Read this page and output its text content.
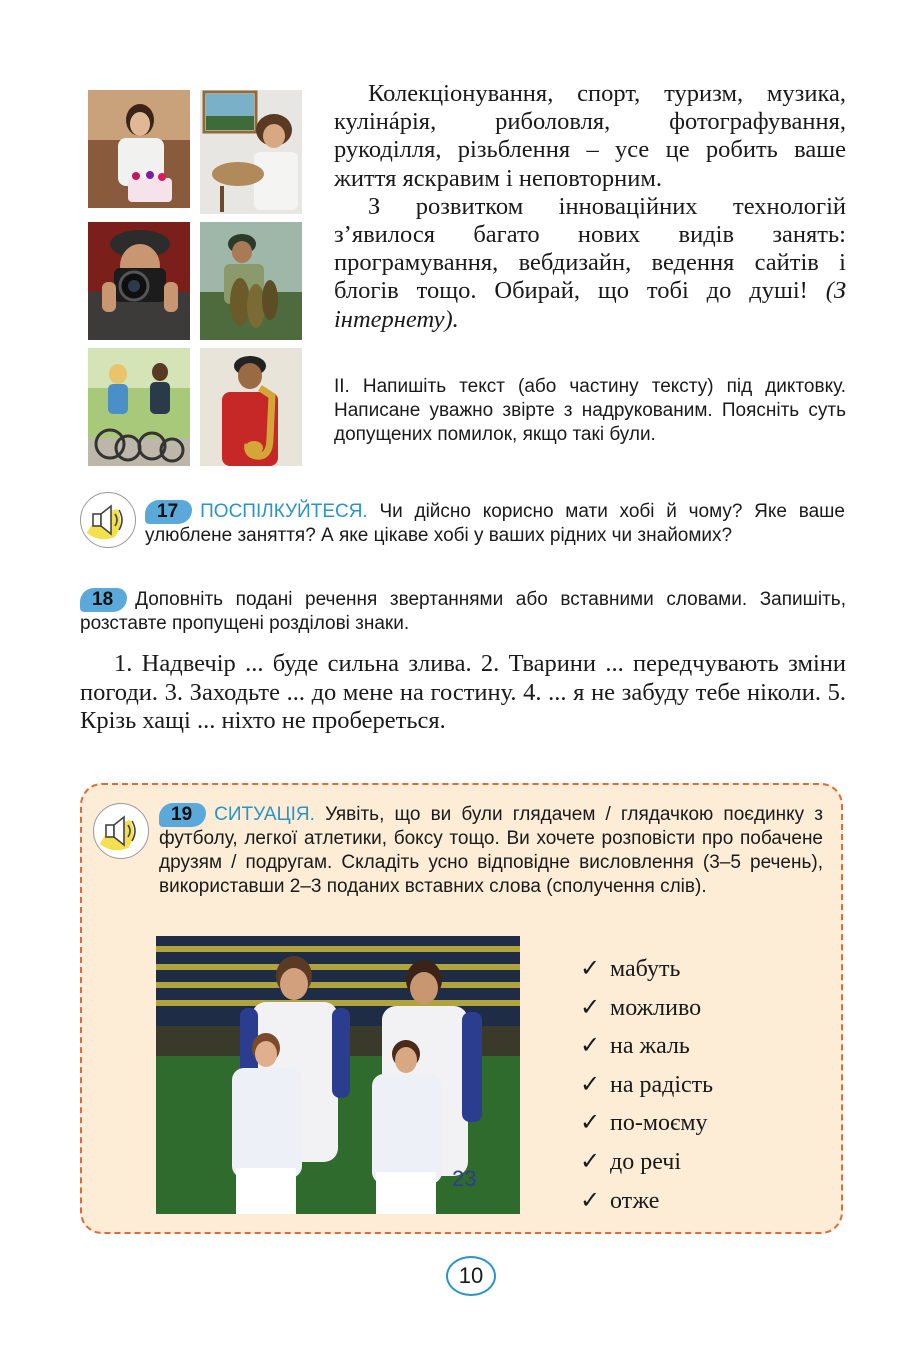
Колекціонування, спорт, туризм, музика, кулінáрія, риболовля, фотографування, рукоділля, різьблення – усе це робить ваше життя яскравим і неповторним.

З розвитком інноваційних технологій з’явилося багато нових видів занять: програмування, вебдизайн, ведення сайтів і блогів тощо. Обирай, що тобі до душі! (З інтернету).

ІІ. Напишіть текст (або частину тексту) під диктовку. Написане уважно звірте з надрукованим. Поясніть суть допущених помилок, якщо такі були.
17 ПОСПІЛКУЙТЕСЯ. Чи дійсно корисно мати хобі й чому? Яке ваше улюблене заняття? А яке цікаве хобі у ваших рідних чи знайомих?
18 Доповніть подані речення звертаннями або вставними словами. Запишіть, розставте пропущені розділові знаки.

1. Надвечір ... буде сильна злива. 2. Тварини ... передчувають зміни погоди. 3. Заходьте ... до мене на гостину. 4. ... я не забуду тебе ніколи. 5. Крізь хащі ... ніхто не пробереться.

19 СИТУАЦІЯ. Уявіть, що ви були глядачем / глядачкою поєдинку з футболу, легкої атлетики, боксу тощо. Ви хочете розповісти про побачене друзям / подругам. Складіть усно відповідне висловлення (3–5 речень), використавши 2–3 поданих вставних слова (сполучення слів).
23
✓ мабуть
✓ можливо
✓ на жаль
✓ на радість
✓ по-моєму
✓ до речі
✓ отже
10
